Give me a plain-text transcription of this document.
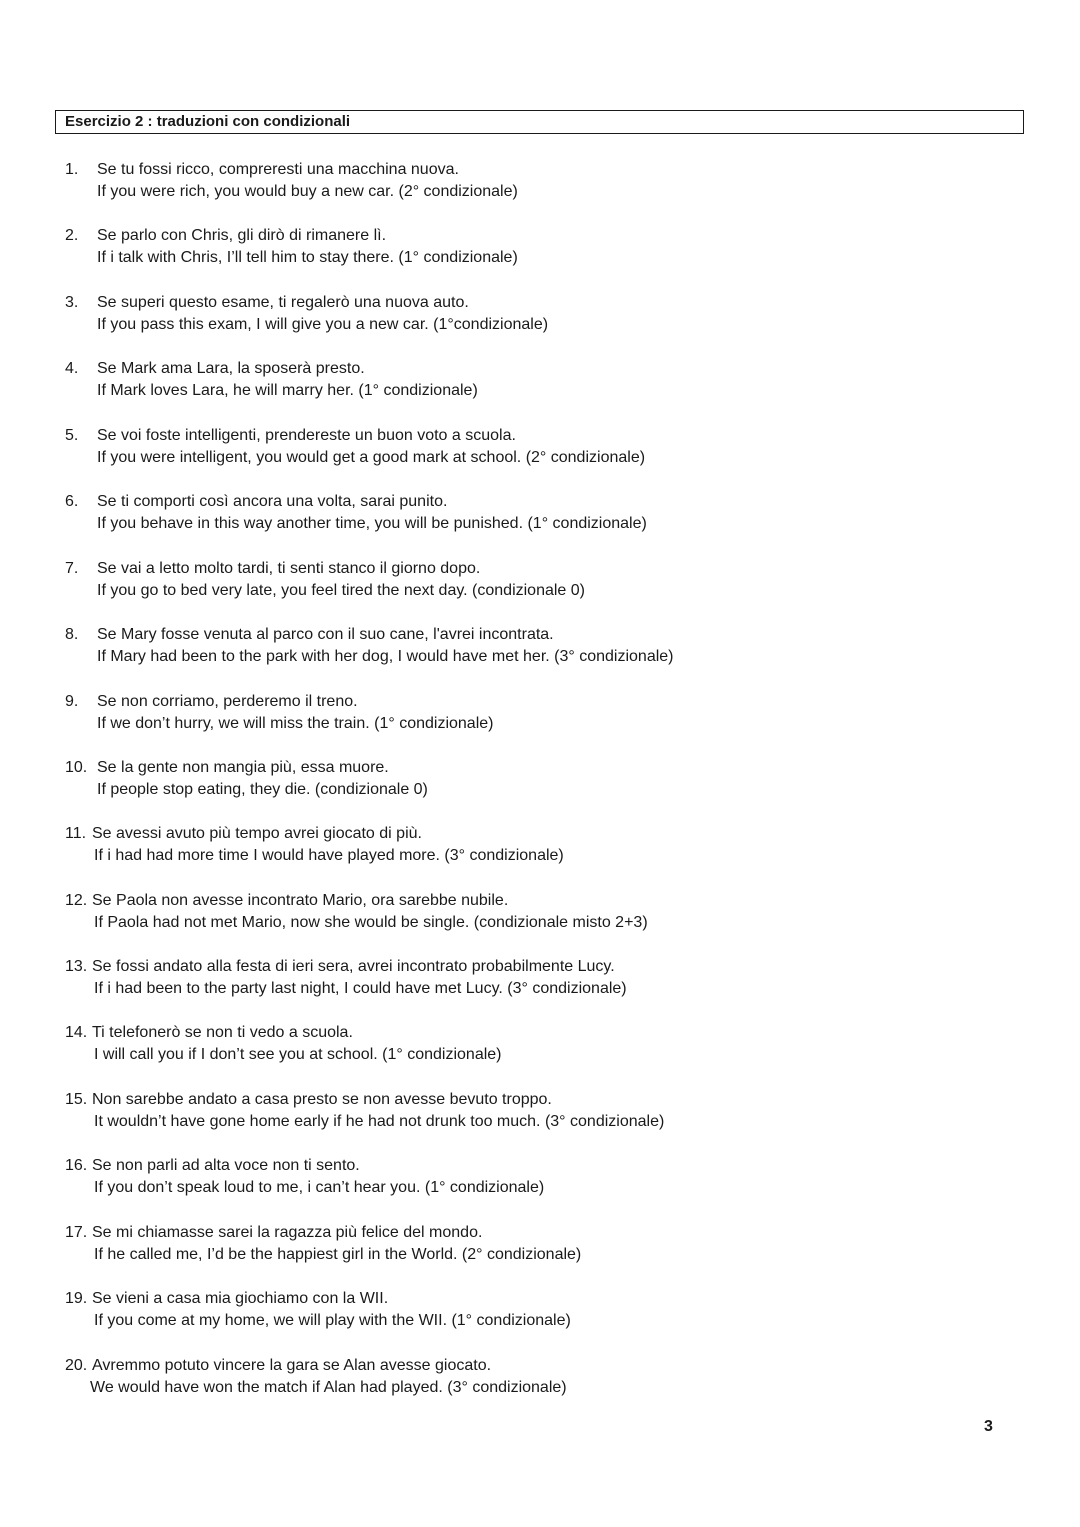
Esercizio 2 : traduzioni con condizionali
1. Se tu fossi ricco, compreresti una macchina nuova.
If you were rich, you would buy a new car. (2° condizionale)
2. Se parlo con Chris, gli dirò di rimanere lì.
If i talk with Chris, I’ll tell him to stay there. (1° condizionale)
3. Se superi questo esame, ti regalerò una nuova auto.
If you pass this exam, I will give you a new car. (1°condizionale)
4. Se Mark ama Lara, la sposerà presto.
If Mark loves Lara, he will marry her. (1° condizionale)
5. Se voi foste intelligenti, prendereste un buon voto a scuola.
If you were intelligent, you would get a good mark at school. (2° condizionale)
6. Se ti comporti così ancora una volta, sarai punito.
If you behave in this way another time, you will be punished. (1° condizionale)
7. Se vai a letto molto tardi, ti senti stanco il giorno dopo.
If you go to bed very late, you feel tired the next day. (condizionale 0)
8. Se Mary fosse venuta al parco con il suo cane, l'avrei incontrata.
If Mary had been to the park with her dog, I would have met her. (3° condizionale)
9. Se non corriamo, perderemo il treno.
If we don’t hurry, we will miss the train. (1° condizionale)
10. Se la gente non mangia più, essa muore.
If people stop eating, they die. (condizionale 0)
11. Se avessi avuto più tempo avrei giocato di più.
If i had had more time I would have played more. (3° condizionale)
12. Se Paola non avesse incontrato Mario, ora sarebbe nubile.
If Paola had not met Mario, now she would be single. (condizionale misto 2+3)
13. Se fossi andato alla festa di ieri sera, avrei incontrato probabilmente Lucy.
If i had been to the party last night, I could have met Lucy. (3° condizionale)
14. Ti telefonerò se non ti vedo a scuola.
I will call you if I don’t see you at school. (1° condizionale)
15. Non sarebbe andato a casa presto se non avesse bevuto troppo.
It wouldn’t have gone home early if he had not drunk too much. (3° condizionale)
16. Se non parli ad alta voce non ti sento.
If you don’t speak loud to me, i can’t hear you. (1° condizionale)
17. Se mi chiamasse sarei la ragazza più felice del mondo.
If he called me, I’d be the happiest girl in the World. (2° condizionale)
19. Se vieni a casa mia giochiamo con la WII.
If you come at my home, we will play with the WII. (1° condizionale)
20. Avremmo potuto vincere la gara se Alan avesse giocato.
We would have won the match if Alan had played. (3° condizionale)
3
